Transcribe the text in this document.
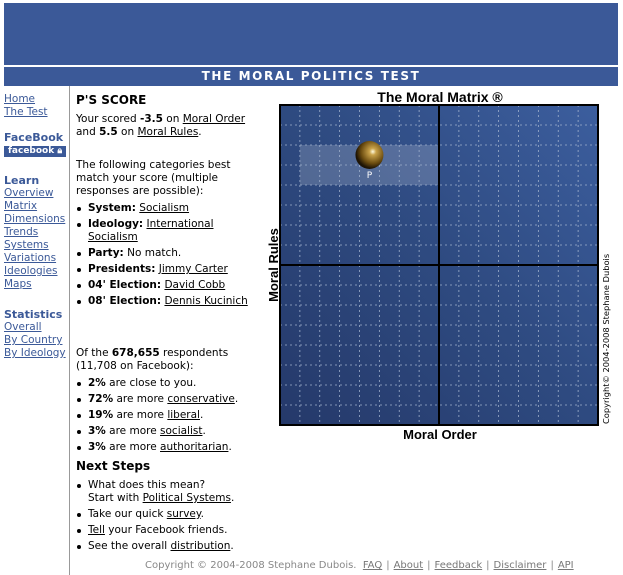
THE MORAL POLITICS TEST
Home
The Test
FaceBook
facebook 🔒︎
Learn
Overview
Matrix
Dimensions
Trends
Systems
Variations
Ideologies
Maps
Statistics
Overall
By Country
By Ideology
P'S SCORE

Your scored -3.5 on Moral Order

and 5.5 on Moral Rules.

The following categories best match your score (multiple responses are possible):

System: Socialism
Ideology: International Socialism
Party: No match.
Presidents: Jimmy Carter
04' Election: David Cobb
08' Election: Dennis Kucinich

Of the 678,655 respondents
(11,708 on Facebook):

2% are close to you.
72% are more conservative.
19% are more liberal.
3% are more socialist.
3% are more authoritarian.
Next Steps
What does this mean?
Start with Political Systems.
Take our quick survey.
Tell your Facebook friends.
See the overall distribution.
The Moral Matrix ®
P
Moral Order
Moral Rules	Copyright© 2004-2008 Stephane Dubois
Copyright © 2004-2008 Stephane Dubois. FAQ | About | Feedback | Disclaimer | API
